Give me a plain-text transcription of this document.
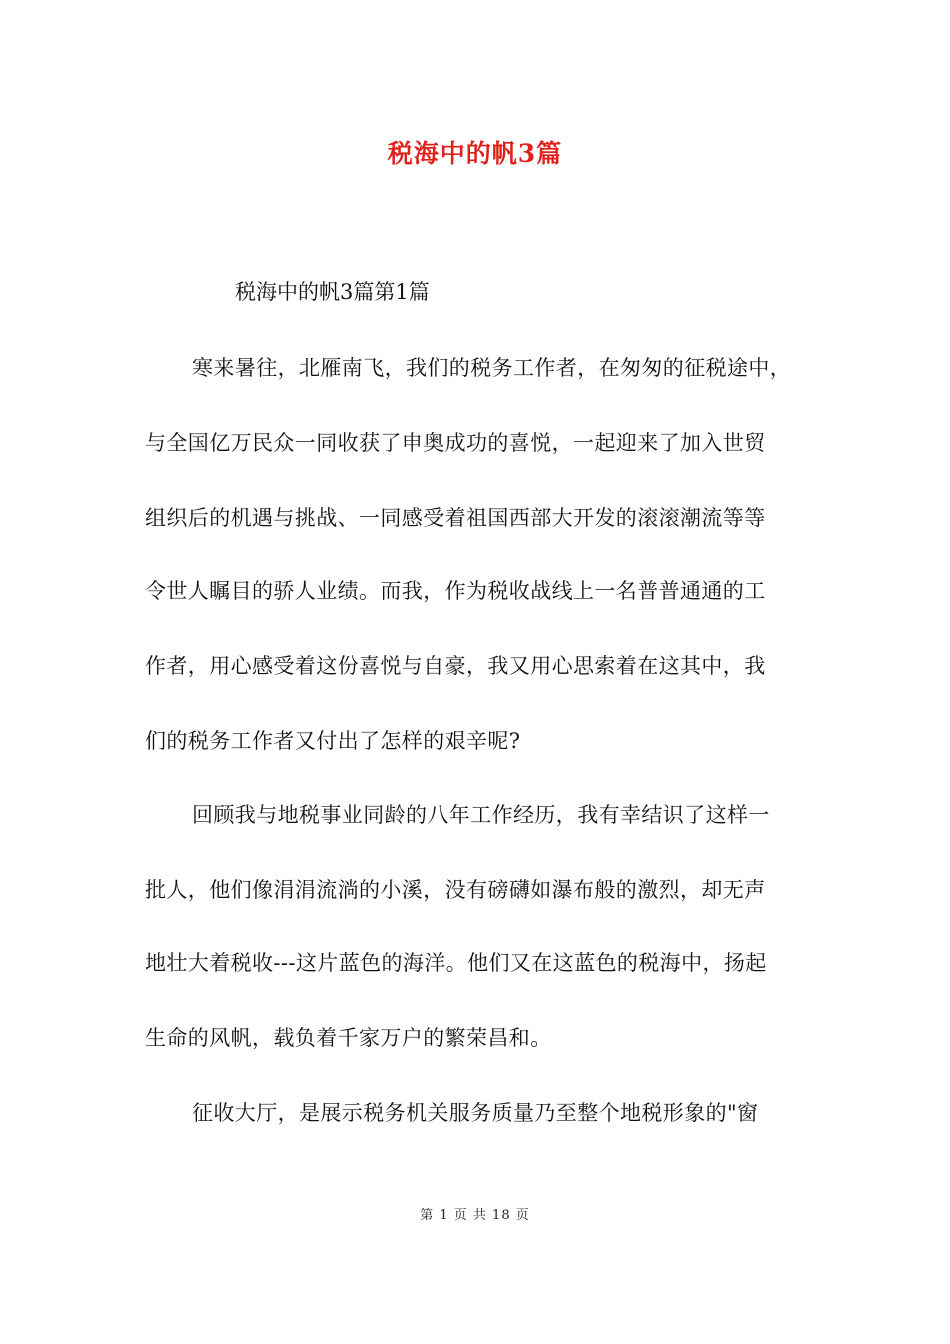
税海中的帆3篇

税海中的帆3篇第1篇

寒来暑往，北雁南飞，我们的税务工作者，在匆匆的征税途中，

与全国亿万民众一同收获了申奥成功的喜悦，一起迎来了加入世贸

组织后的机遇与挑战、一同感受着祖国西部大开发的滚滚潮流等等

令世人瞩目的骄人业绩。而我，作为税收战线上一名普普通通的工

作者，用心感受着这份喜悦与自豪，我又用心思索着在这其中，我

们的税务工作者又付出了怎样的艰辛呢?

回顾我与地税事业同龄的八年工作经历，我有幸结识了这样一

批人，他们像涓涓流淌的小溪，没有磅礴如瀑布般的激烈，却无声

地壮大着税收---这片蓝色的海洋。他们又在这蓝色的税海中，扬起

生命的风帆，载负着千家万户的繁荣昌和。

征收大厅，是展示税务机关服务质量乃至整个地税形象的"窗

第 1 页 共 18 页
